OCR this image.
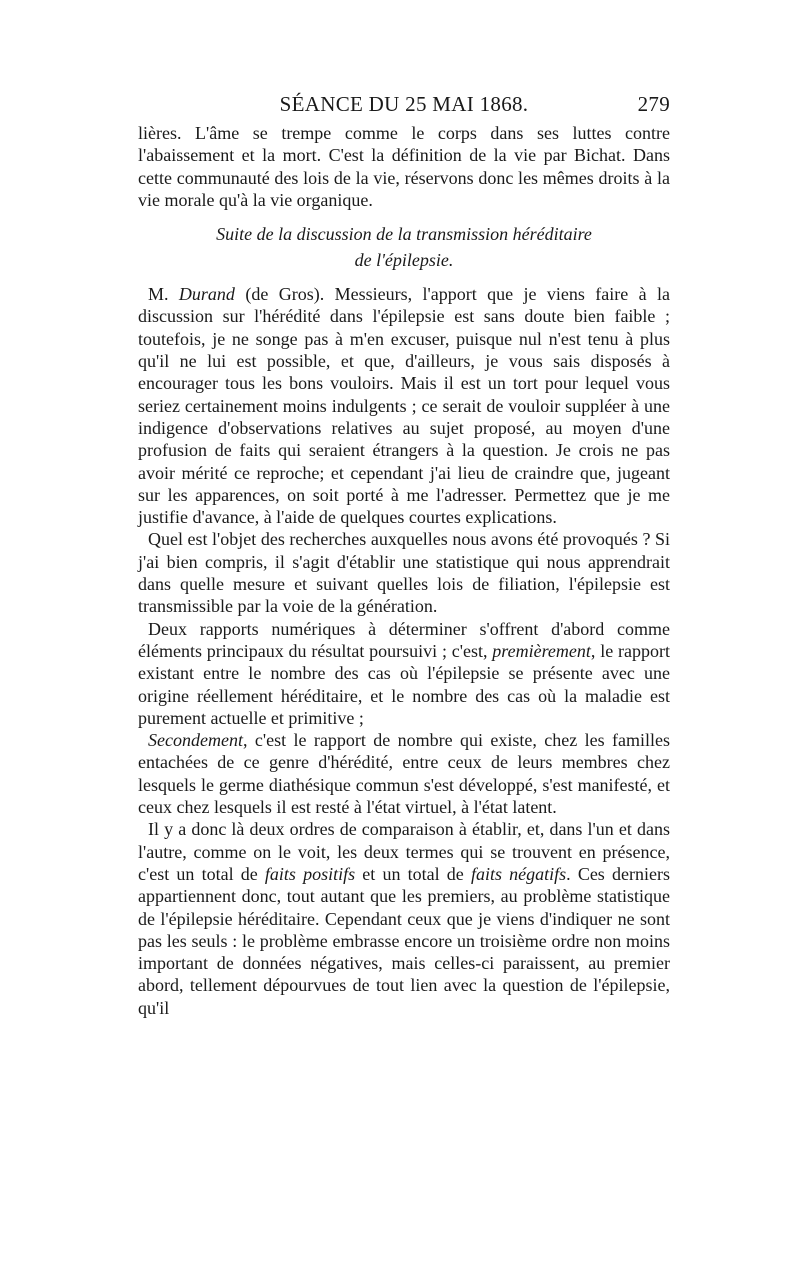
SÉANCE DU 25 MAI 1868.	279

lières. L'âme se trempe comme le corps dans ses luttes contre l'abaissement et la mort. C'est la définition de la vie par Bichat. Dans cette communauté des lois de la vie, réservons donc les mêmes droits à la vie morale qu'à la vie organique.

Suite de la discussion de la transmission héréditaire
de l'épilepsie.

M. Durand (de Gros). Messieurs, l'apport que je viens faire à la discussion sur l'hérédité dans l'épilepsie est sans doute bien faible ; toutefois, je ne songe pas à m'en excuser, puisque nul n'est tenu à plus qu'il ne lui est possible, et que, d'ailleurs, je vous sais disposés à encourager tous les bons vouloirs. Mais il est un tort pour lequel vous seriez certainement moins indulgents ; ce serait de vouloir suppléer à une indigence d'observations relatives au sujet proposé, au moyen d'une profusion de faits qui seraient étrangers à la question. Je crois ne pas avoir mérité ce reproche; et cependant j'ai lieu de craindre que, jugeant sur les apparences, on soit porté à me l'adresser. Permettez que je me justifie d'avance, à l'aide de quelques courtes explications.

Quel est l'objet des recherches auxquelles nous avons été provoqués ? Si j'ai bien compris, il s'agit d'établir une statistique qui nous apprendrait dans quelle mesure et suivant quelles lois de filiation, l'épilepsie est transmissible par la voie de la génération.

Deux rapports numériques à déterminer s'offrent d'abord comme éléments principaux du résultat poursuivi ; c'est, premièrement, le rapport existant entre le nombre des cas où l'épilepsie se présente avec une origine réellement héréditaire, et le nombre des cas où la maladie est purement actuelle et primitive ;

Secondement, c'est le rapport de nombre qui existe, chez les familles entachées de ce genre d'hérédité, entre ceux de leurs membres chez lesquels le germe diathésique commun s'est développé, s'est manifesté, et ceux chez lesquels il est resté à l'état virtuel, à l'état latent.

Il y a donc là deux ordres de comparaison à établir, et, dans l'un et dans l'autre, comme on le voit, les deux termes qui se trouvent en présence, c'est un total de faits positifs et un total de faits négatifs. Ces derniers appartiennent donc, tout autant que les premiers, au problème statistique de l'épilepsie héréditaire. Cependant ceux que je viens d'indiquer ne sont pas les seuls : le problème embrasse encore un troisième ordre non moins important de données négatives, mais celles-ci paraissent, au premier abord, tellement dépourvues de tout lien avec la question de l'épilepsie, qu'il
